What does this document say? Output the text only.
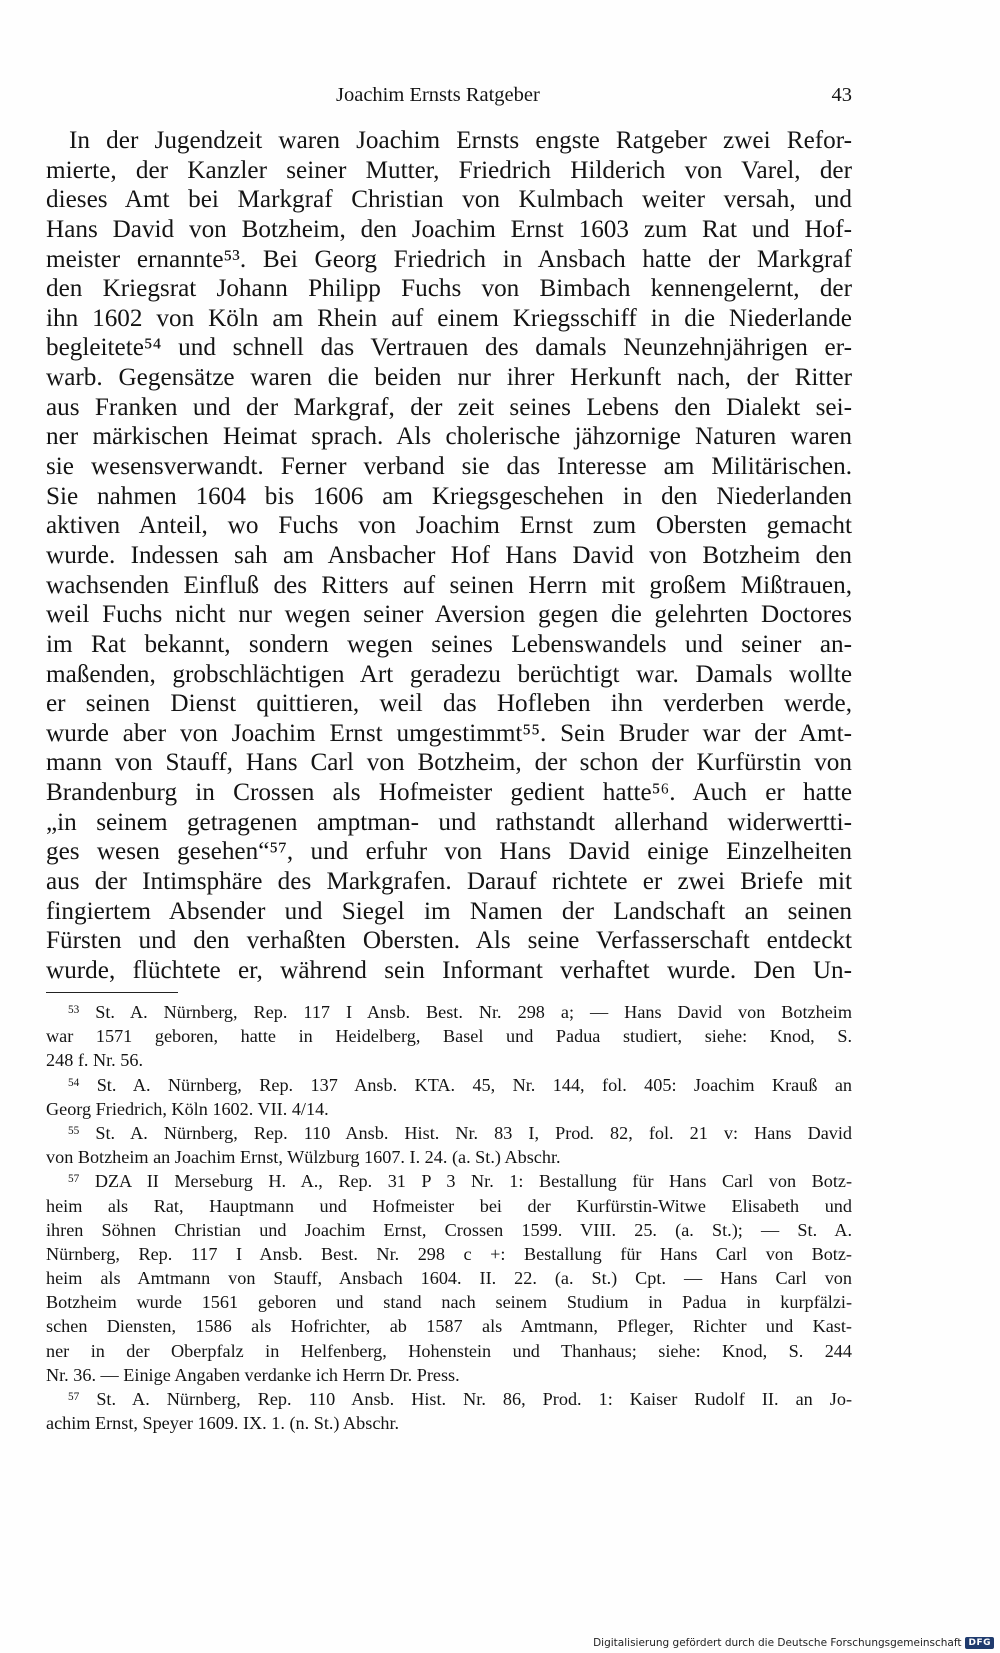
Joachim Ernsts Ratgeber	43
In der Jugendzeit waren Joachim Ernsts engste Ratgeber zwei Refor-
mierte, der Kanzler seiner Mutter, Friedrich Hilderich von Varel, der
dieses Amt bei Markgraf Christian von Kulmbach weiter versah, und
Hans David von Botzheim, den Joachim Ernst 1603 zum Rat und Hof-
meister ernannte⁵³. Bei Georg Friedrich in Ansbach hatte der Markgraf
den Kriegsrat Johann Philipp Fuchs von Bimbach kennengelernt, der
ihn 1602 von Köln am Rhein auf einem Kriegsschiff in die Niederlande
begleitete⁵⁴ und schnell das Vertrauen des damals Neunzehnjährigen er-
warb. Gegensätze waren die beiden nur ihrer Herkunft nach, der Ritter
aus Franken und der Markgraf, der zeit seines Lebens den Dialekt sei-
ner märkischen Heimat sprach. Als cholerische jähzornige Naturen waren
sie wesensverwandt. Ferner verband sie das Interesse am Militärischen.
Sie nahmen 1604 bis 1606 am Kriegsgeschehen in den Niederlanden
aktiven Anteil, wo Fuchs von Joachim Ernst zum Obersten gemacht
wurde. Indessen sah am Ansbacher Hof Hans David von Botzheim den
wachsenden Einfluß des Ritters auf seinen Herrn mit großem Mißtrauen,
weil Fuchs nicht nur wegen seiner Aversion gegen die gelehrten Doctores
im Rat bekannt, sondern wegen seines Lebenswandels und seiner an-
maßenden, grobschlächtigen Art geradezu berüchtigt war. Damals wollte
er seinen Dienst quittieren, weil das Hofleben ihn verderben werde,
wurde aber von Joachim Ernst umgestimmt⁵⁵. Sein Bruder war der Amt-
mann von Stauff, Hans Carl von Botzheim, der schon der Kurfürstin von
Brandenburg in Crossen als Hofmeister gedient hatte⁵⁶. Auch er hatte
„in seinem getragenen amptman- und rathstandt allerhand widerwertti-
ges wesen gesehen“⁵⁷, und erfuhr von Hans David einige Einzelheiten
aus der Intimsphäre des Markgrafen. Darauf richtete er zwei Briefe mit
fingiertem Absender und Siegel im Namen der Landschaft an seinen
Fürsten und den verhaßten Obersten. Als seine Verfasserschaft entdeckt
wurde, flüchtete er, während sein Informant verhaftet wurde. Den Un-
$^{53}$ St. A. Nürnberg, Rep. 117 I Ansb. Best. Nr. 298 a; — Hans David von Botzheim
war 1571 geboren, hatte in Heidelberg, Basel und Padua studiert, siehe: Knod, S.
248 f. Nr. 56.
$^{54}$ St. A. Nürnberg, Rep. 137 Ansb. KTA. 45, Nr. 144, fol. 405: Joachim Krauß an
Georg Friedrich, Köln 1602. VII. 4/14.
$^{55}$ St. A. Nürnberg, Rep. 110 Ansb. Hist. Nr. 83 I, Prod. 82, fol. 21 v: Hans David
von Botzheim an Joachim Ernst, Wülzburg 1607. I. 24. (a. St.) Abschr.
$^{57}$ DZA II Merseburg H. A., Rep. 31 P 3 Nr. 1: Bestallung für Hans Carl von Botz-
heim als Rat, Hauptmann und Hofmeister bei der Kurfürstin-Witwe Elisabeth und
ihren Söhnen Christian und Joachim Ernst, Crossen 1599. VIII. 25. (a. St.); — St. A.
Nürnberg, Rep. 117 I Ansb. Best. Nr. 298 c +: Bestallung für Hans Carl von Botz-
heim als Amtmann von Stauff, Ansbach 1604. II. 22. (a. St.) Cpt. — Hans Carl von
Botzheim wurde 1561 geboren und stand nach seinem Studium in Padua in kurpfälzi-
schen Diensten, 1586 als Hofrichter, ab 1587 als Amtmann, Pfleger, Richter und Kast-
ner in der Oberpfalz in Helfenberg, Hohenstein und Thanhaus; siehe: Knod, S. 244
Nr. 36. — Einige Angaben verdanke ich Herrn Dr. Press.
$^{57}$ St. A. Nürnberg, Rep. 110 Ansb. Hist. Nr. 86, Prod. 1: Kaiser Rudolf II. an Jo-
achim Ernst, Speyer 1609. IX. 1. (n. St.) Abschr.
Digitalisierung gefördert durch die Deutsche Forschungsgemeinschaft DFG
